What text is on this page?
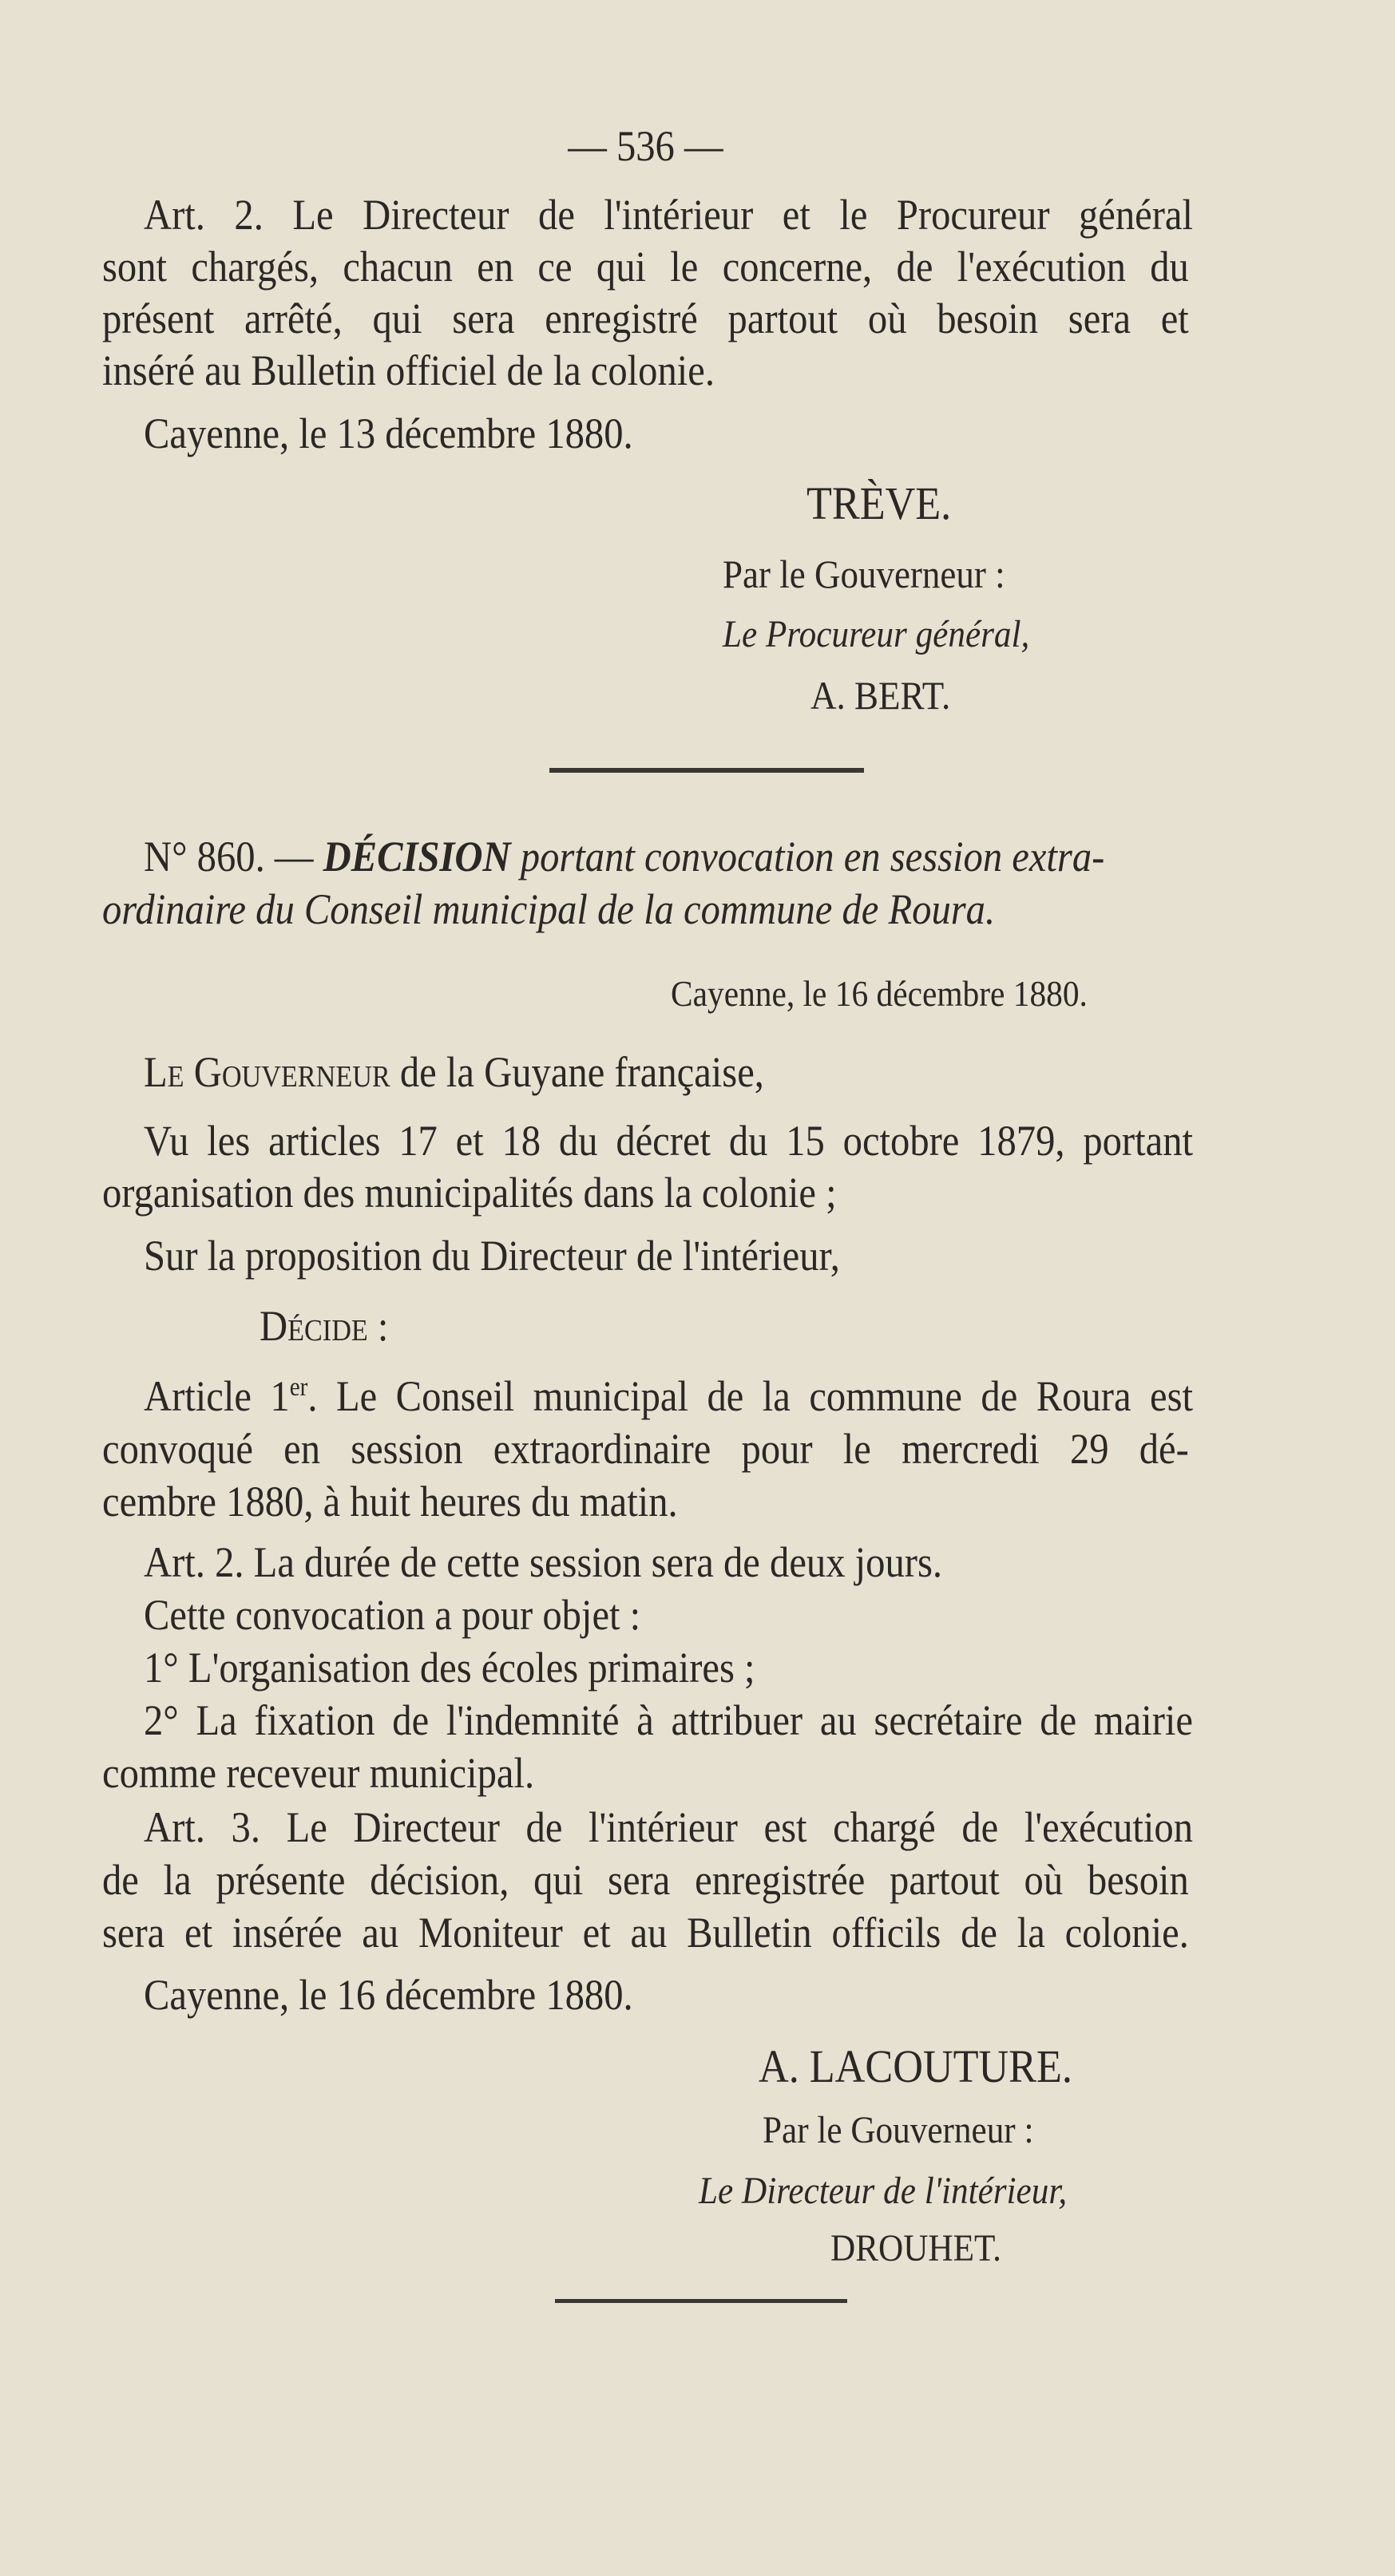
— 536 —
Art. 2. Le Directeur de l'intérieur et le Procureur général
sont chargés, chacun en ce qui le concerne, de l'exécution du
présent arrêté, qui sera enregistré partout où besoin sera et
inséré au Bulletin officiel de la colonie.
Cayenne, le 13 décembre 1880.
TRÈVE.
Par le Gouverneur :
Le Procureur général,
A. BERT.
N° 860. — DÉCISION portant convocation en session extra-
ordinaire du Conseil municipal de la commune de Roura.
Cayenne, le 16 décembre 1880.
Le Gouverneur de la Guyane française,
Vu les articles 17 et 18 du décret du 15 octobre 1879, portant
organisation des municipalités dans la colonie ;
Sur la proposition du Directeur de l'intérieur,
Décide :
Article 1er. Le Conseil municipal de la commune de Roura est
convoqué en session extraordinaire pour le mercredi 29 dé-
cembre 1880, à huit heures du matin.
Art. 2. La durée de cette session sera de deux jours.
Cette convocation a pour objet :
1° L'organisation des écoles primaires ;
2° La fixation de l'indemnité à attribuer au secrétaire de mairie
comme receveur municipal.
Art. 3. Le Directeur de l'intérieur est chargé de l'exécution
de la présente décision, qui sera enregistrée partout où besoin
sera et insérée au Moniteur et au Bulletin officils de la colonie.
Cayenne, le 16 décembre 1880.
A. LACOUTURE.
Par le Gouverneur :
Le Directeur de l'intérieur,
DROUHET.
